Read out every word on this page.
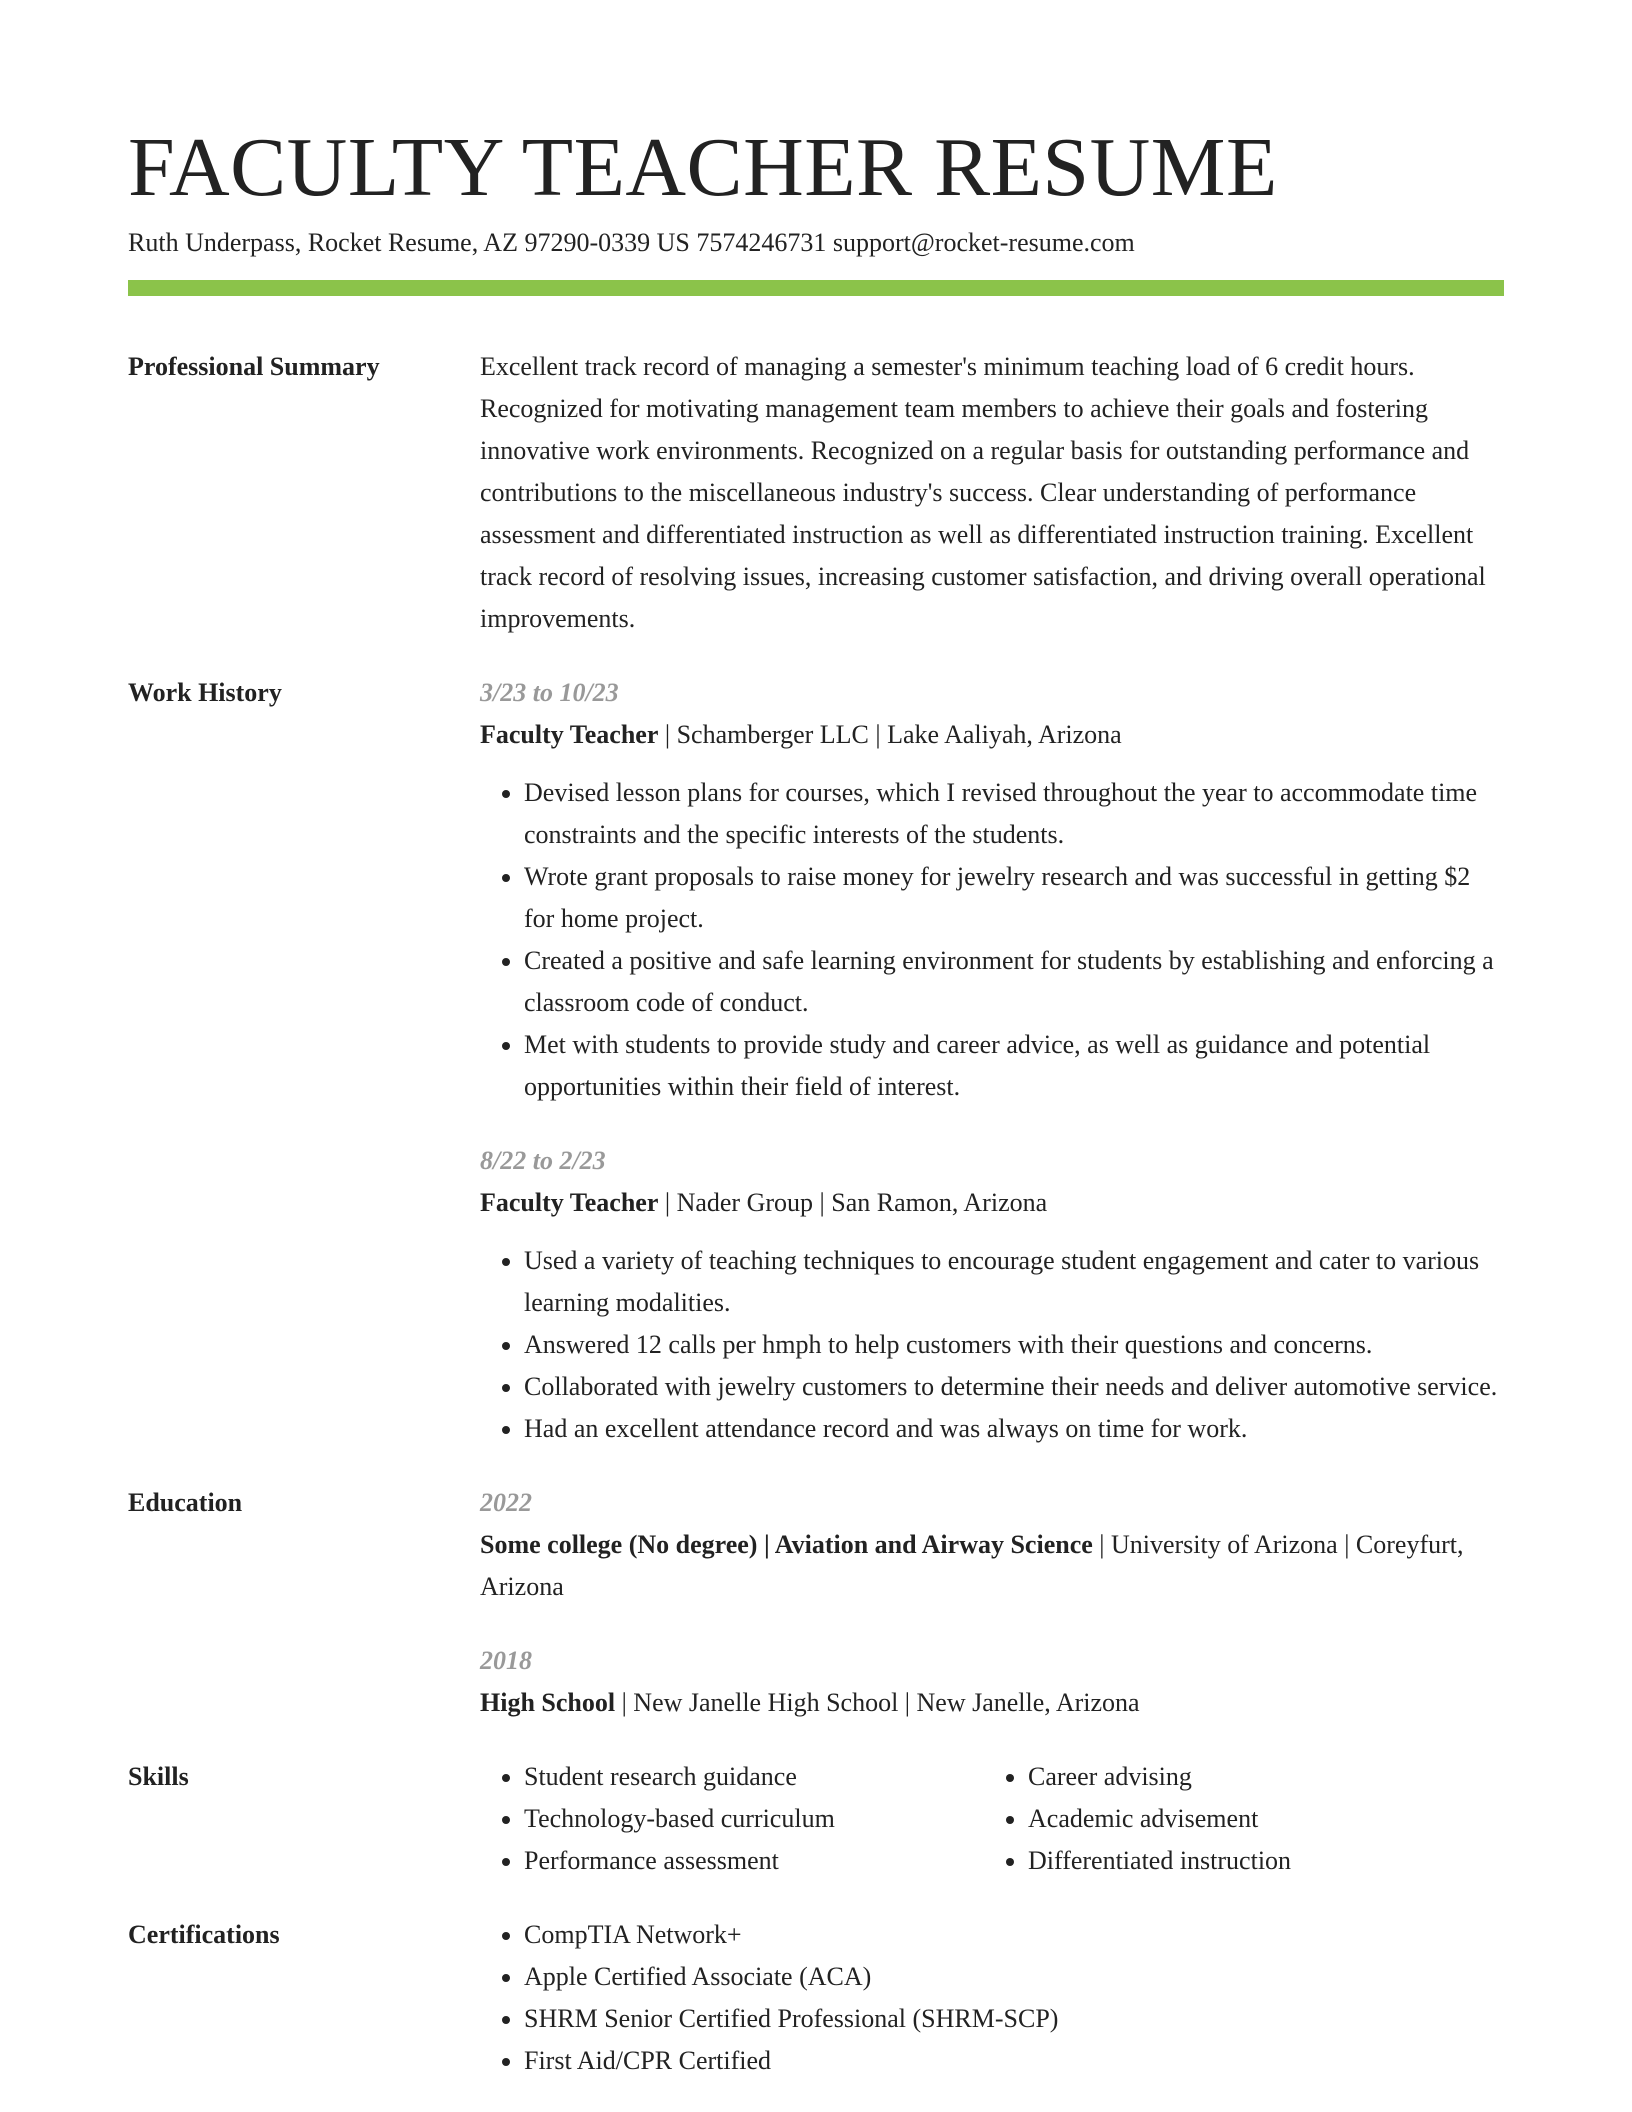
FACULTY TEACHER RESUME
Ruth Underpass, Rocket Resume, AZ 97290-0339 US 7574246731 support@rocket-resume.com
Professional Summary	Excellent track record of managing a semester's minimum teaching load of 6 credit hours. Recognized for motivating management team members to achieve their goals and fostering innovative work environments. Recognized on a regular basis for outstanding performance and contributions to the miscellaneous industry's success. Clear understanding of performance assessment and differentiated instruction as well as differentiated instruction training. Excellent track record of resolving issues, increasing customer satisfaction, and driving overall operational improvements.
Work History	3/23 to 10/23
Faculty Teacher | Schamberger LLC | Lake Aaliyah, Arizona
• Devised lesson plans for courses, which I revised throughout the year to accommodate time constraints and the specific interests of the students.
• Wrote grant proposals to raise money for jewelry research and was successful in getting $2 for home project.
• Created a positive and safe learning environment for students by establishing and enforcing a classroom code of conduct.
• Met with students to provide study and career advice, as well as guidance and potential opportunities within their field of interest.
8/22 to 2/23
Faculty Teacher | Nader Group | San Ramon, Arizona
• Used a variety of teaching techniques to encourage student engagement and cater to various learning modalities.
• Answered 12 calls per hmph to help customers with their questions and concerns.
• Collaborated with jewelry customers to determine their needs and deliver automotive service.
• Had an excellent attendance record and was always on time for work.
Education	2022
Some college (No degree) | Aviation and Airway Science | University of Arizona | Coreyfurt, Arizona
2018
High School | New Janelle High School | New Janelle, Arizona
Skills	• Student research guidance
• Technology-based curriculum
• Performance assessment
• Career advising
• Academic advisement
• Differentiated instruction
Certifications	• CompTIA Network+
• Apple Certified Associate (ACA)
• SHRM Senior Certified Professional (SHRM-SCP)
• First Aid/CPR Certified
